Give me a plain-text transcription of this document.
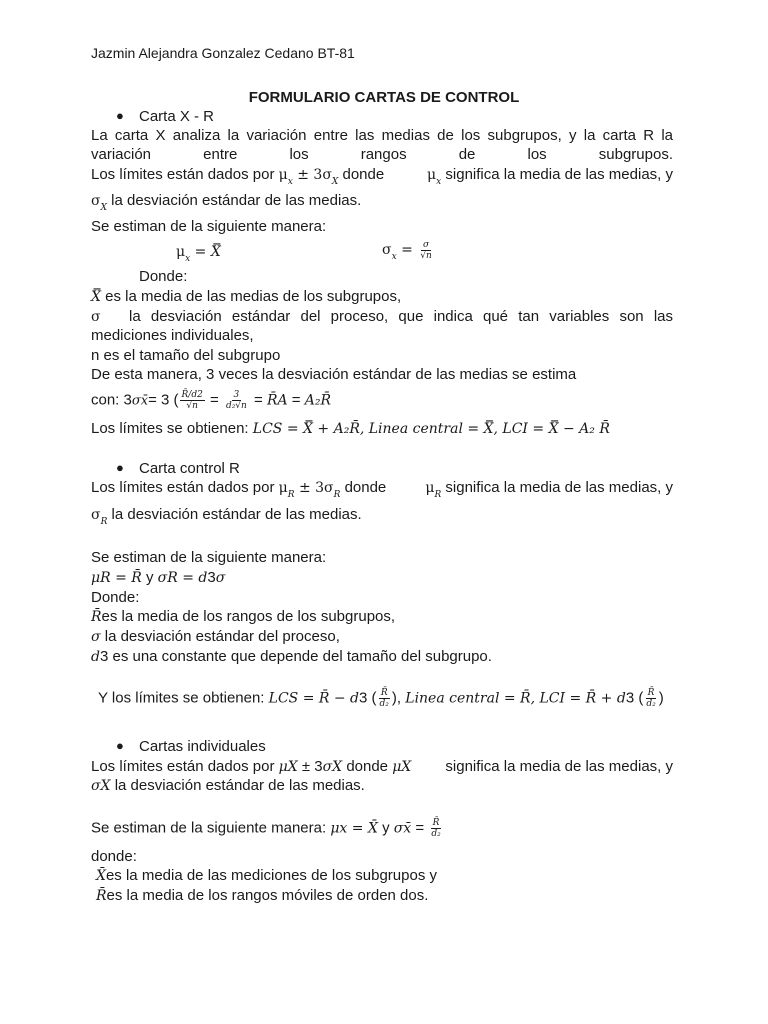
Jazmin Alejandra Gonzalez Cedano BT-81
FORMULARIO CARTAS DE CONTROL
● Carta X - R
La carta X analiza la variación entre las medias de los subgrupos, y la carta R la variación entre los rangos de los subgrupos.
Los límites están dados por $\mu_x \pm 3\sigma_X$ donde	$\mu_x$ significa la media de las medias, y
$\sigma_X$ la desviación estándar de las medias.
Se estiman de la siguiente manera:
$\mu_x$ = X̿	$\sigma_x = \frac{\sigma}{√n}$
Donde:
X̿ es la media de las medias de los subgrupos,
σ la desviación estándar del proceso, que indica qué tan variables son las
mediciones individuales,
n es el tamaño del subgrupo
De esta manera, 3 veces la desviación estándar de las medias se estima
con: 3σx̄= 3 ( $\frac{R̄/d2}{√n} = \frac{3}{\text{d₂√n}}$ = R̄A = A₂R̄
Los límites se obtienen: LCS = X̿ + A₂R̄, Linea central = X̿, LCI = X̿ − A₂ R̄
● Carta control R
Los límites están dados por $\mu_R \pm 3\sigma_R$ donde	$\mu_R$ significa la media de las medias, y
$\sigma_R$ la desviación estándar de las medias.
Se estiman de la siguiente manera:
μR = R̄ y σR = d3σ
Donde:
R̄es la media de los rangos de los subgrupos,
σ la desviación estándar del proceso,
d3 es una constante que depende del tamaño del subgrupo.
Y los límites se obtienen: LCS = R̄ − d3 ( $\frac{R̄}{\text{d₂}}$ ), Linea central = R̄, LCI = R̄ + d3 ( $\frac{R̄}{\text{d₂}}$ )
● Cartas individuales
Los límites están dados por μX ± 3σX donde μX significa la media de las medias, y
σX la desviación estándar de las medias.
Se estiman de la siguiente manera: μx = X̄ y σx̄ = $\frac{R̄}{\text{d₂}}$
donde:
X̄es la media de las mediciones de los subgrupos y
R̄es la media de los rangos móviles de orden dos.
